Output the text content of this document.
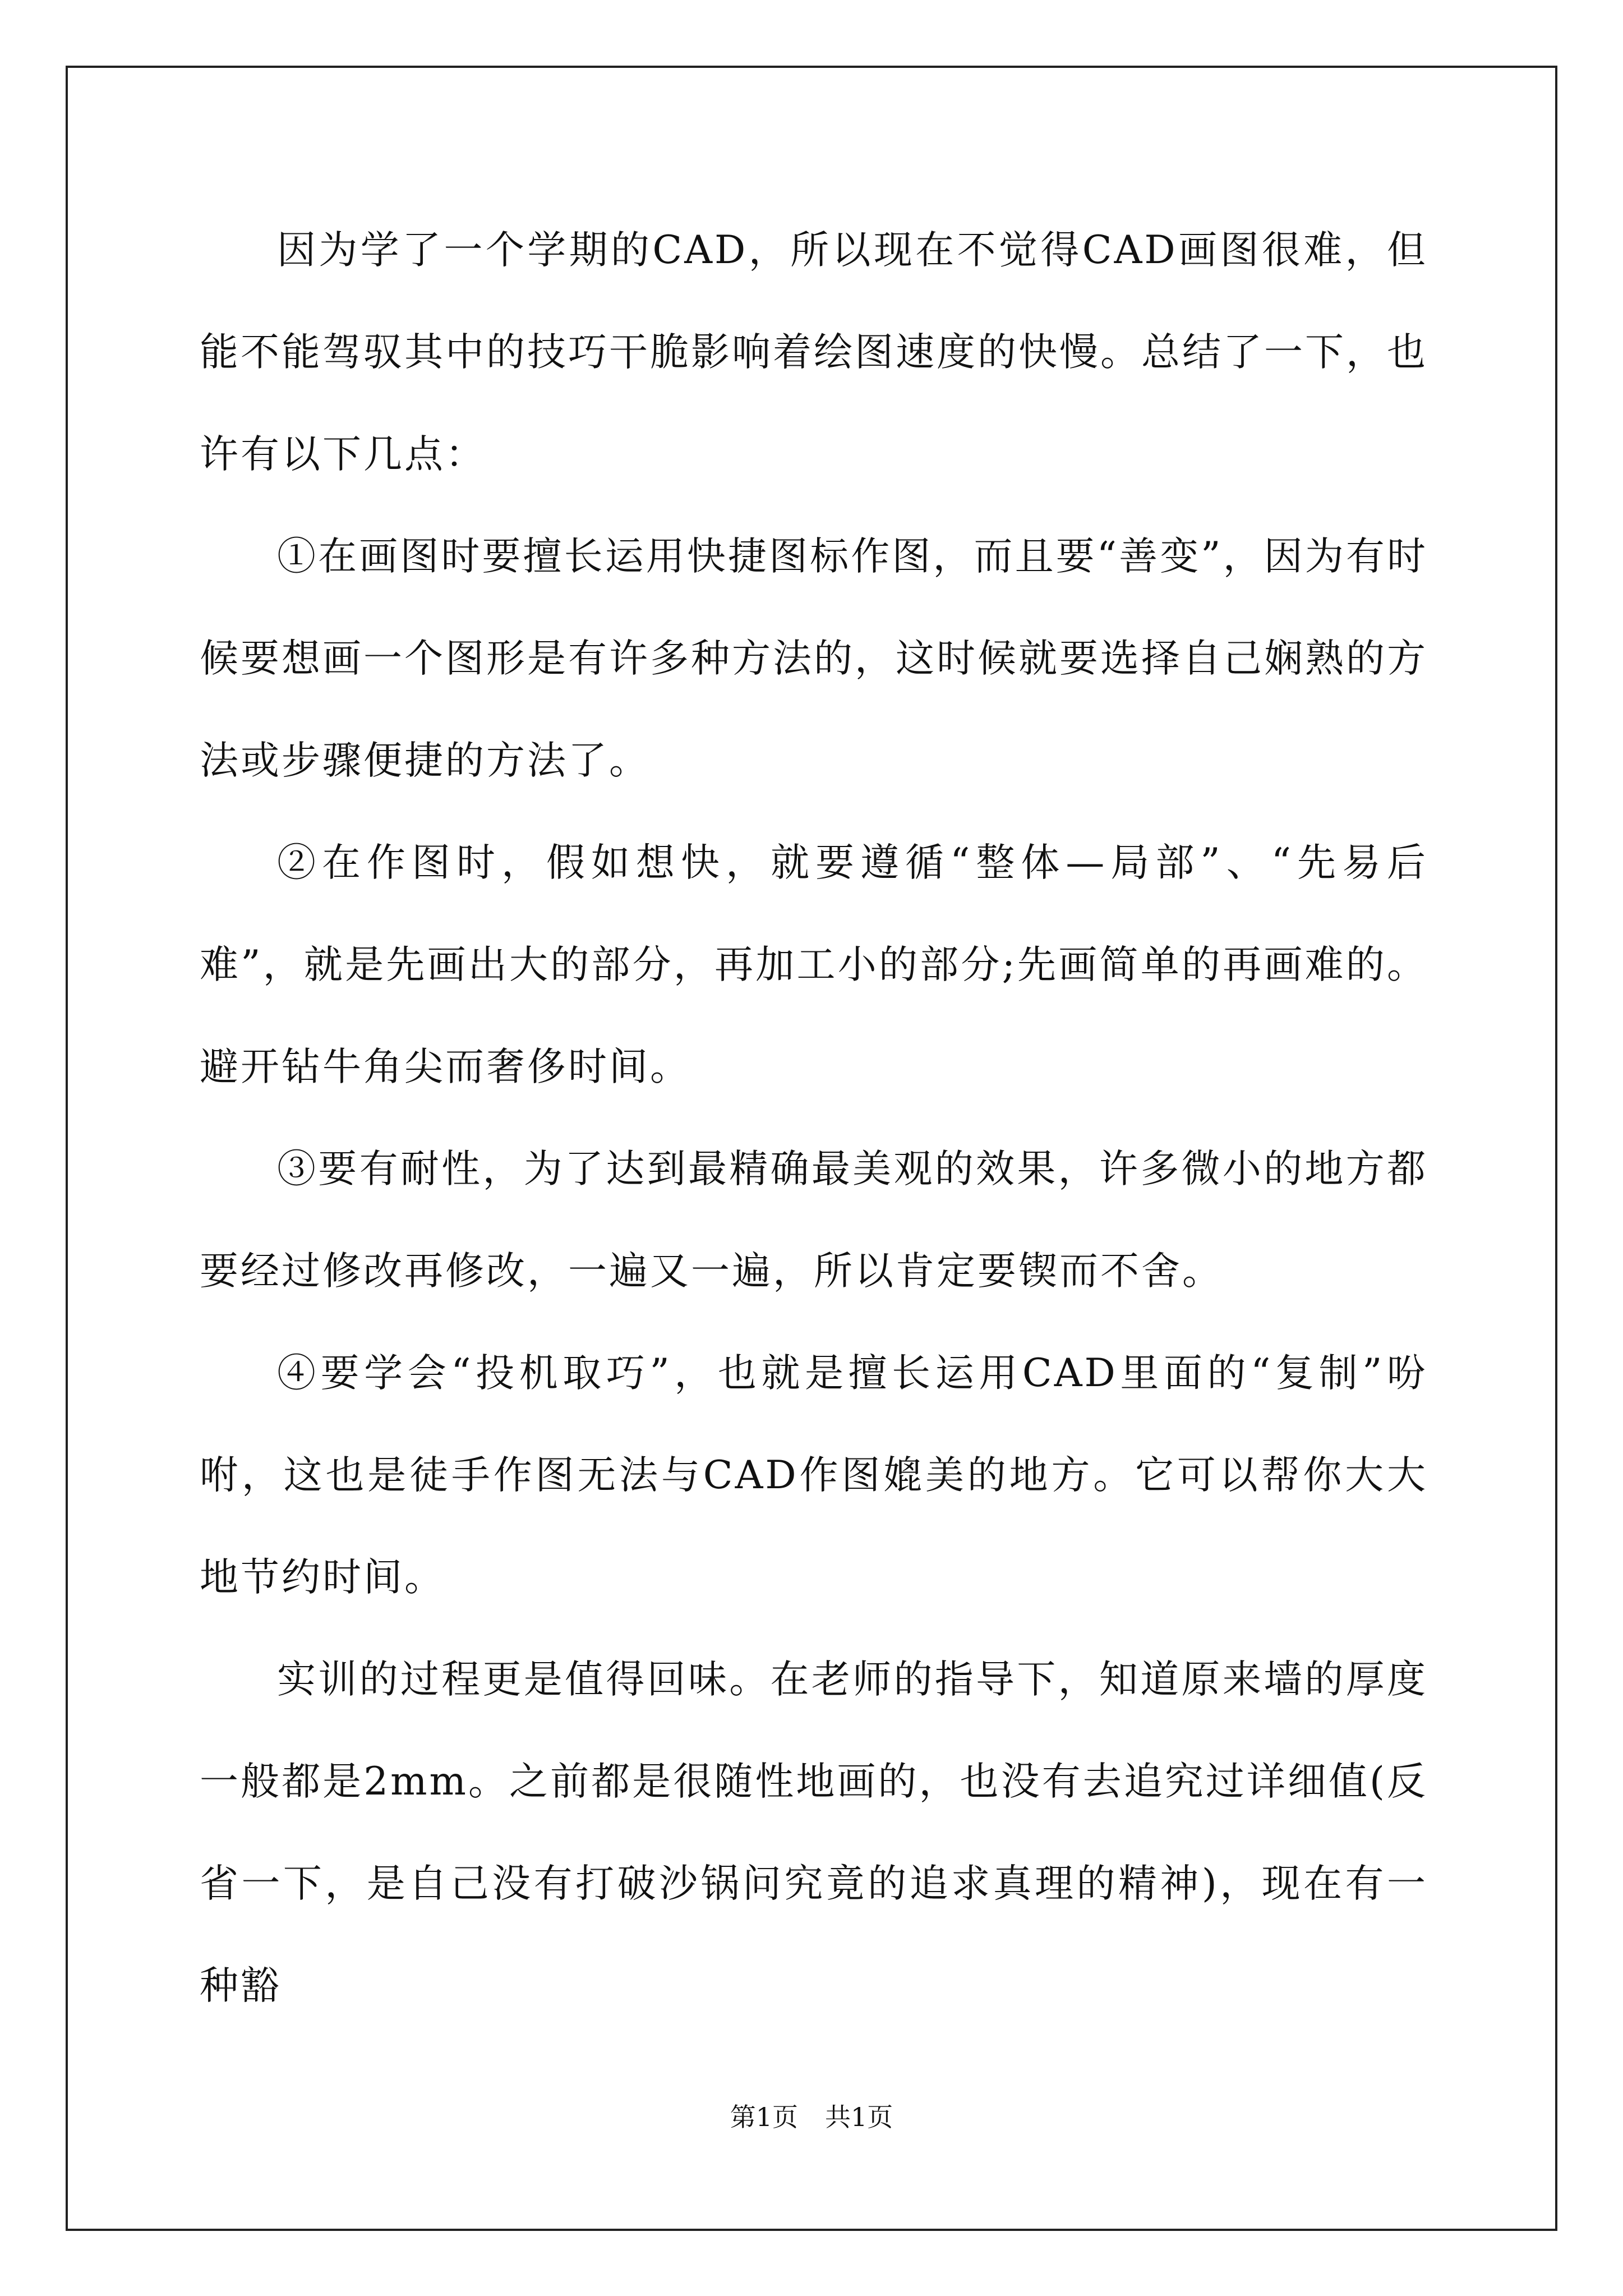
因为学了一个学期的CAD，所以现在不觉得CAD画图很难，但能不能驾驭其中的技巧干脆影响着绘图速度的快慢。总结了一下，也许有以下几点：

①在画图时要擅长运用快捷图标作图，而且要“善变”，因为有时候要想画一个图形是有许多种方法的，这时候就要选择自己娴熟的方法或步骤便捷的方法了。

②在作图时，假如想快，就要遵循“整体—局部”、“先易后难”，就是先画出大的部分，再加工小的部分;先画简单的再画难的。避开钻牛角尖而奢侈时间。

③要有耐性，为了达到最精确最美观的效果，许多微小的地方都要经过修改再修改，一遍又一遍，所以肯定要锲而不舍。

④要学会“投机取巧”，也就是擅长运用CAD里面的“复制”吩咐，这也是徒手作图无法与CAD作图媲美的地方。它可以帮你大大地节约时间。

实训的过程更是值得回味。在老师的指导下，知道原来墙的厚度一般都是2mm。之前都是很随性地画的，也没有去追究过详细值(反省一下，是自己没有打破沙锅问究竟的追求真理的精神)，现在有一种豁

第1页 共1页
